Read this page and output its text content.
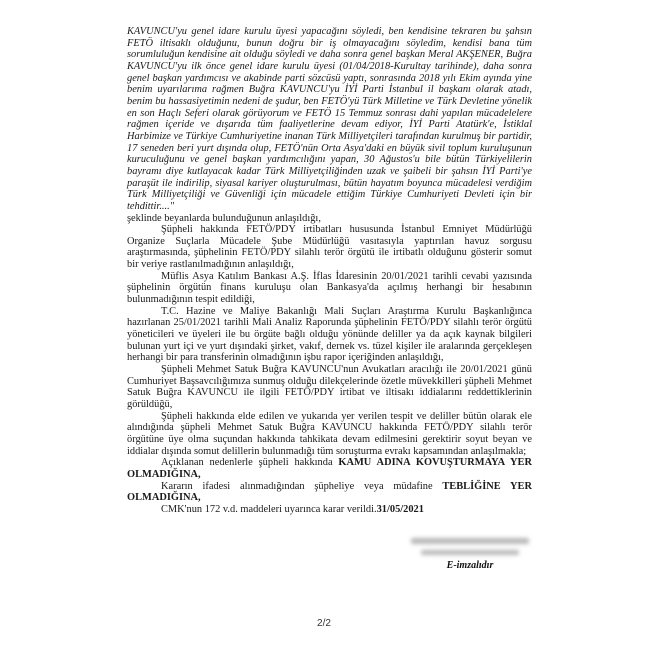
KAVUNCU'yu genel idare kurulu üyesi yapacağını söyledi, ben kendisine tekraren bu şahsın FETÖ iltisaklı olduğunu, bunun doğru bir iş olmayacağını söyledim, kendisi bana tüm sorumluluğun kendisine ait olduğu söyledi ve daha sonra genel başkan Meral AKŞENER, Buğra KAVUNCU'yu ilk önce genel idare kurulu üyesi (01/04/2018-Kurultay tarihinde), daha sonra genel başkan yardımcısı ve akabinde parti sözcüsü yaptı, sonrasında 2018 yılı Ekim ayında yine benim uyarılarıma rağmen Buğra KAVUNCU'yu İYİ Parti İstanbul il başkanı olarak atadı, benim bu hassasiyetimin nedeni de şudur, ben FETÖ'yü Türk Milletine ve Türk Devletine yönelik en son Haçlı Seferi olarak görüyorum ve FETÖ 15 Temmuz sonrası dahi yapılan mücadelelere rağmen içeride ve dışarıda tüm faaliyetlerine devam ediyor, İYİ Parti Atatürk'e, İstiklal Harbimize ve Türkiye Cumhuriyetine inanan Türk Milliyetçileri tarafından kurulmuş bir partidir, 17 seneden beri yurt dışında olup, FETÖ'nün Orta Asya'daki en büyük sivil toplum kuruluşunun kuruculuğunu ve genel başkan yardımcılığını yapan, 30 Ağustos'u bile bütün Türkiyelilerin bayramı diye kutlayacak kadar Türk Milliyetçiliğinden uzak ve şaibeli bir şahsın İYİ Parti'ye paraşüt ile indirilip, siyasal kariyer oluşturulması, bütün hayatım boyunca mücadelesi verdiğim Türk Milliyetçiliği ve Güvenliği için mücadele ettiğim Türkiye Cumhuriyeti Devleti için bir tehdittir...."

şeklinde beyanlarda bulunduğunun anlaşıldığı,

Şüpheli hakkında FETÖ/PDY irtibatları hususunda İstanbul Emniyet Müdürlüğü Organize Suçlarla Mücadele Şube Müdürlüğü vasıtasıyla yaptırılan havuz sorgusu araştırmasında, şüphelinin FETÖ/PDY silahlı terör örgütü ile irtibatlı olduğunu gösterir somut bir veriye rastlanılmadığının anlaşıldığı,

Müflis Asya Katılım Bankası A.Ş. İflas İdaresinin 20/01/2021 tarihli cevabi yazısında şüphelinin örgütün finans kuruluşu olan Bankasya'da açılmış herhangi bir hesabının bulunmadığının tespit edildiği,

T.C. Hazine ve Maliye Bakanlığı Mali Suçları Araştırma Kurulu Başkanlığınca hazırlanan 25/01/2021 tarihli Mali Analiz Raporunda şüphelinin FETÖ/PDY silahlı terör örgütü yöneticileri ve üyeleri ile bu örgüte bağlı olduğu yönünde deliller ya da açık kaynak bilgileri bulunan yurt içi ve yurt dışındaki şirket, vakıf, dernek vs. tüzel kişiler ile aralarında gerçekleşen herhangi bir para transferinin olmadığının işbu rapor içeriğinden anlaşıldığı,

Şüpheli Mehmet Satuk Buğra KAVUNCU'nun Avukatları aracılığı ile 20/01/2021 günü Cumhuriyet Başsavcılığımıza sunmuş olduğu dilekçelerinde özetle müvekkilleri şüpheli Mehmet Satuk Buğra KAVUNCU ile ilgili FETÖ/PDY irtibat ve iltisakı iddialarını reddettiklerinin görüldüğü,

Şüpheli hakkında elde edilen ve yukarıda yer verilen tespit ve deliller bütün olarak ele alındığında şüpheli Mehmet Satuk Buğra KAVUNCU hakkında FETÖ/PDY silahlı terör örgütüne üye olma suçundan hakkında tahkikata devam edilmesini gerektirir soyut beyan ve iddialar dışında somut delillerin bulunmadığı tüm soruşturma evrakı kapsamından anlaşılmakla;

Açıklanan nedenlerle şüpheli hakkında KAMU ADINA KOVUŞTURMAYA YER OLMADIĞINA,

Kararın ifadesi alınmadığından şüpheliye veya müdafine TEBLİĞİNE YER OLMADIĞINA,

CMK'nun 172 v.d. maddeleri uyarınca karar verildi.31/05/2021

E-imzalıdır
2/2
